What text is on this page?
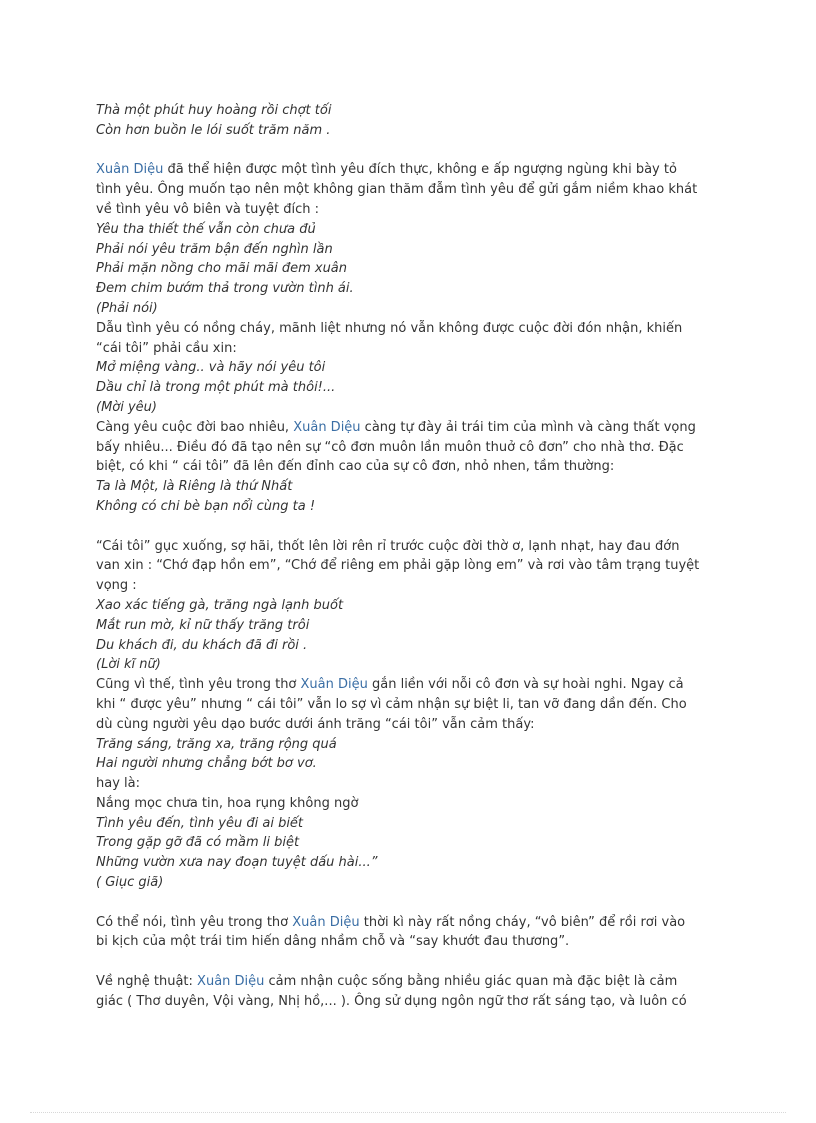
Thà một phút huy hoàng rồi chợt tối
Còn hơn buồn le lói suốt trăm năm .
Xuân Diệu đã thể hiện được một tình yêu đích thực, không e ấp ngượng ngùng khi bày tỏ
tình yêu. Ông muốn tạo nên một không gian thăm đẫm tình yêu để gửi gắm niềm khao khát
về tình yêu vô biên và tuyệt đích :
Yêu tha thiết thế vẫn còn chưa đủ
Phải nói yêu trăm bận đến nghìn lần
Phải mặn nồng cho mãi mãi đem xuân
Đem chim bướm thả trong vườn tình ái.
(Phải nói)
Dẫu tình yêu có nồng cháy, mãnh liệt nhưng nó vẫn không được cuộc đời đón nhận, khiến
“cái tôi” phải cầu xin:
Mở miệng vàng.. và hãy nói yêu tôi
Dầu chỉ là trong một phút mà thôi!...
(Mời yêu)
Càng yêu cuộc đời bao nhiêu, Xuân Diệu càng tự đày ải trái tim của mình và càng thất vọng
bấy nhiêu... Điều đó đã tạo nên sự “cô đơn muôn lần muôn thuở cô đơn” cho nhà thơ. Đặc
biệt, có khi “ cái tôi” đã lên đến đỉnh cao của sự cô đơn, nhỏ nhen, tầm thường:
Ta là Một, là Riêng là thứ Nhất
Không có chi bè bạn nổi cùng ta !
“Cái tôi” gục xuống, sợ hãi, thốt lên lời rên rỉ trước cuộc đời thờ ơ, lạnh nhạt, hay đau đớn
van xin : “Chớ đạp hồn em”, “Chớ để riêng em phải gặp lòng em” và rơi vào tâm trạng tuyệt
vọng :
Xao xác tiếng gà, trăng ngà lạnh buốt
Mắt run mờ, kỉ nữ thấy trăng trôi
Du khách đi, du khách đã đi rồi .
(Lời kĩ nữ)
Cũng vì thế, tình yêu trong thơ Xuân Diệu gắn liền với nỗi cô đơn và sự hoài nghi. Ngay cả
khi “ được yêu” nhưng “ cái tôi” vẫn lo sợ vì cảm nhận sự biệt li, tan vỡ đang dần đến. Cho
dù cùng người yêu dạo bước dưới ánh trăng “cái tôi” vẫn cảm thấy:
Trăng sáng, trăng xa, trăng rộng quá
Hai người nhưng chẳng bớt bơ vơ.
hay là:
Nắng mọc chưa tin, hoa rụng không ngờ
Tình yêu đến, tình yêu đi ai biết
Trong gặp gỡ đã có mầm li biệt
Những vườn xưa nay đoạn tuyệt dấu hài...”
( Giục giã)
Có thể nói, tình yêu trong thơ Xuân Diệu thời kì này rất nồng cháy, “vô biên” để rồi rơi vào
bi kịch của một trái tim hiến dâng nhầm chỗ và “say khướt đau thương”.
Về nghệ thuật: Xuân Diệu cảm nhận cuộc sống bằng nhiều giác quan mà đặc biệt là cảm
giác ( Thơ duyên, Vội vàng, Nhị hồ,... ). Ông sử dụng ngôn ngữ thơ rất sáng tạo, và luôn có
